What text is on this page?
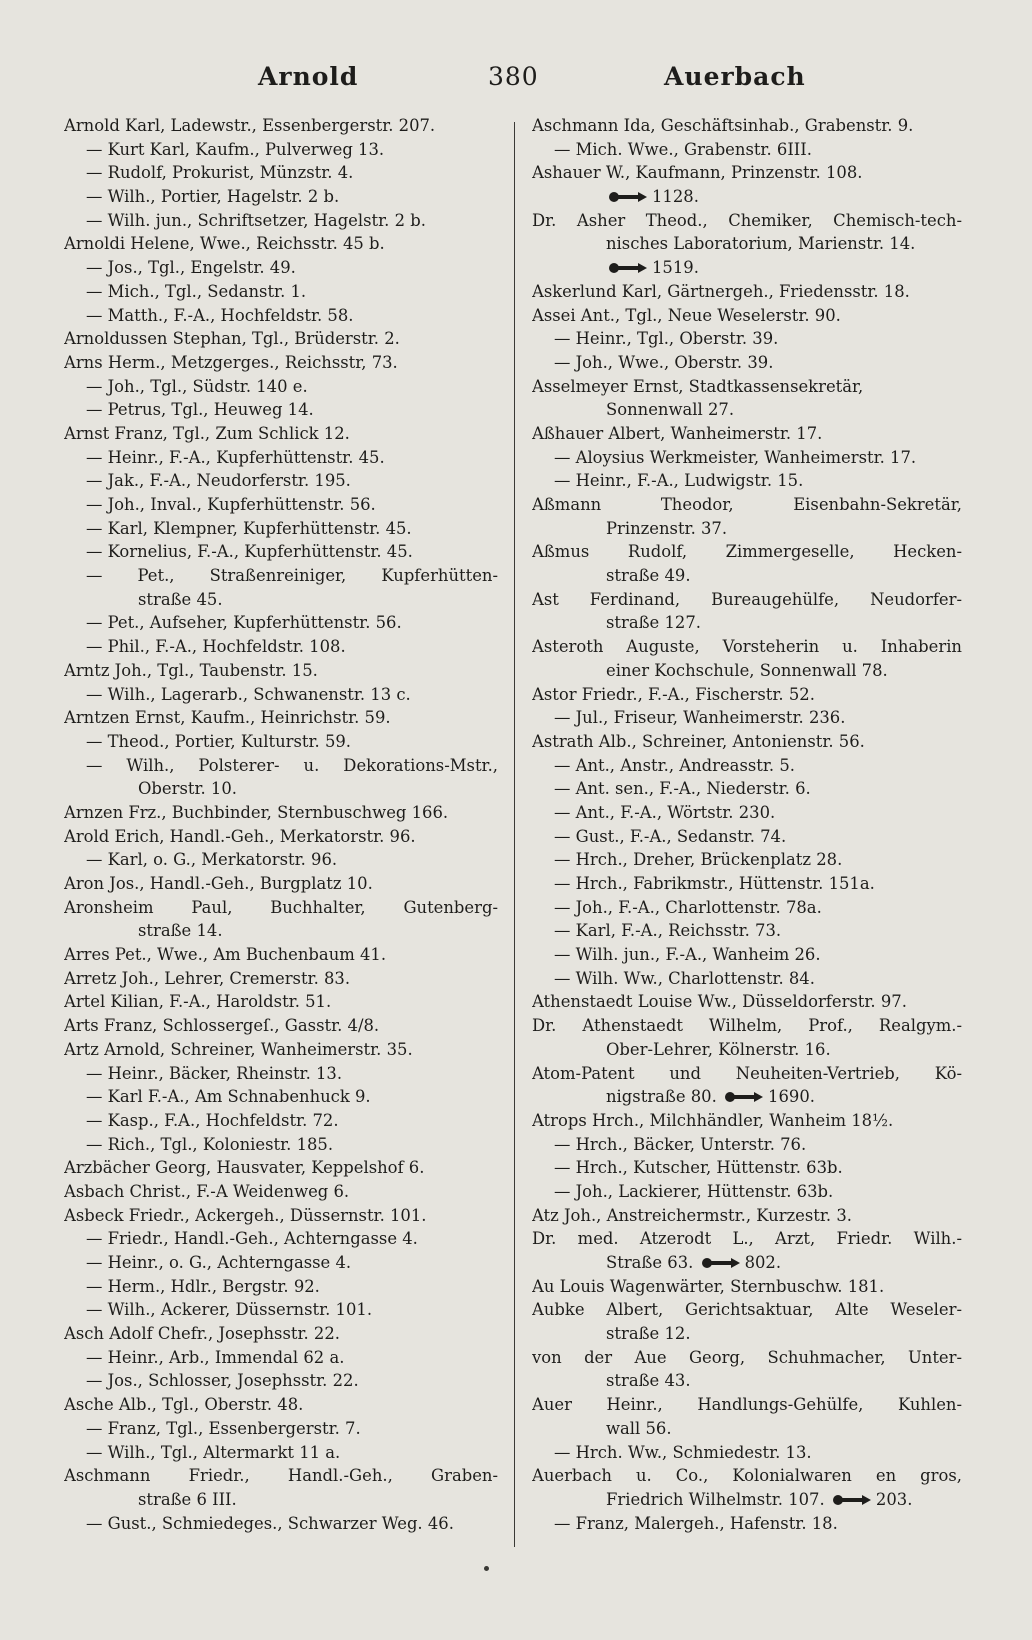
Arnold	380	Auerbach
Arnold Karl, Ladewstr., Essenbergerstr. 207.
— Kurt Karl, Kaufm., Pulverweg 13.
— Rudolf, Prokurist, Münzstr. 4.
— Wilh., Portier, Hagelstr. 2 b.
— Wilh. jun., Schriftsetzer, Hagelstr. 2 b.
Arnoldi Helene, Wwe., Reichsstr. 45 b.
— Jos., Tgl., Engelstr. 49.
— Mich., Tgl., Sedanstr. 1.
— Matth., F.-A., Hochfeldstr. 58.
Arnoldussen Stephan, Tgl., Brüderstr. 2.
Arns Herm., Metzgerges., Reichsstr, 73.
— Joh., Tgl., Südstr. 140 e.
— Petrus, Tgl., Heuweg 14.
Arnst Franz, Tgl., Zum Schlick 12.
— Heinr., F.-A., Kupferhüttenstr. 45.
— Jak., F.-A., Neudorferstr. 195.
— Joh., Inval., Kupferhüttenstr. 56.
— Karl, Klempner, Kupferhüttenstr. 45.
— Kornelius, F.-A., Kupferhüttenstr. 45.
— Pet., Straßenreiniger, Kupferhütten-
straße 45.
— Pet., Aufseher, Kupferhüttenstr. 56.
— Phil., F.-A., Hochfeldstr. 108.
Arntz Joh., Tgl., Taubenstr. 15.
— Wilh., Lagerarb., Schwanenstr. 13 c.
Arntzen Ernst, Kaufm., Heinrichstr. 59.
— Theod., Portier, Kulturstr. 59.
— Wilh., Polsterer- u. Dekorations-Mstr.,
Oberstr. 10.
Arnzen Frz., Buchbinder, Sternbuschweg 166.
Arold Erich, Handl.-Geh., Merkatorstr. 96.
— Karl, o. G., Merkatorstr. 96.
Aron Jos., Handl.-Geh., Burgplatz 10.
Aronsheim Paul, Buchhalter, Gutenberg-
straße 14.
Arres Pet., Wwe., Am Buchenbaum 41.
Arretz Joh., Lehrer, Cremerstr. 83.
Artel Kilian, F.-A., Haroldstr. 51.
Arts Franz, Schlossergeſ., Gasstr. 4/8.
Artz Arnold, Schreiner, Wanheimerstr. 35.
— Heinr., Bäcker, Rheinstr. 13.
— Karl F.-A., Am Schnabenhuck 9.
— Kasp., F.A., Hochfeldstr. 72.
— Rich., Tgl., Koloniestr. 185.
Arzbächer Georg, Hausvater, Keppelshof 6.
Asbach Christ., F.-A Weidenweg 6.
Asbeck Friedr., Ackergeh., Düssernstr. 101.
— Friedr., Handl.-Geh., Achterngasse 4.
— Heinr., o. G., Achterngasse 4.
— Herm., Hdlr., Bergstr. 92.
— Wilh., Ackerer, Düssernstr. 101.
Asch Adolf Chefr., Josephsstr. 22.
— Heinr., Arb., Immendal 62 a.
— Jos., Schlosser, Josephsstr. 22.
Asche Alb., Tgl., Oberstr. 48.
— Franz, Tgl., Essenbergerstr. 7.
— Wilh., Tgl., Altermarkt 11 a.
Aschmann Friedr., Handl.-Geh., Graben-
straße 6 III.
— Gust., Schmiedeges., Schwarzer Weg. 46.
Aschmann Ida, Geschäftsinhab., Grabenstr. 9.
— Mich. Wwe., Grabenstr. 6III.
Ashauer W., Kaufmann, Prinzenstr. 108.
1128.
Dr. Asher Theod., Chemiker, Chemisch-tech-
nisches Laboratorium, Marienstr. 14.
1519.
Askerlund Karl, Gärtnergeh., Friedensstr. 18.
Assei Ant., Tgl., Neue Weselerstr. 90.
— Heinr., Tgl., Oberstr. 39.
— Joh., Wwe., Oberstr. 39.
Asselmeyer Ernst, Stadtkassensekretär,
Sonnenwall 27.
Aßhauer Albert, Wanheimerstr. 17.
— Aloysius Werkmeister, Wanheimerstr. 17.
— Heinr., F.-A., Ludwigstr. 15.
Aßmann Theodor, Eisenbahn-Sekretär,
Prinzenstr. 37.
Aßmus Rudolf, Zimmergeselle, Hecken-
straße 49.
Ast Ferdinand, Bureaugehülfe, Neudorfer-
straße 127.
Asteroth Auguste, Vorsteherin u. Inhaberin
einer Kochschule, Sonnenwall 78.
Astor Friedr., F.-A., Fischerstr. 52.
— Jul., Friseur, Wanheimerstr. 236.
Astrath Alb., Schreiner, Antonienstr. 56.
— Ant., Anstr., Andreasstr. 5.
— Ant. sen., F.-A., Niederstr. 6.
— Ant., F.-A., Wörtstr. 230.
— Gust., F.-A., Sedanstr. 74.
— Hrch., Dreher, Brückenplatz 28.
— Hrch., Fabrikmstr., Hüttenstr. 151a.
— Joh., F.-A., Charlottenstr. 78a.
— Karl, F.-A., Reichsstr. 73.
— Wilh. jun., F.-A., Wanheim 26.
— Wilh. Ww., Charlottenstr. 84.
Athenstaedt Louise Ww., Düsseldorferstr. 97.
Dr. Athenstaedt Wilhelm, Prof., Realgym.-
Ober-Lehrer, Kölnerstr. 16.
Atom-Patent und Neuheiten-Vertrieb, Kö-
nigstraße 80.	1690.
Atrops Hrch., Milchhändler, Wanheim 18½.
— Hrch., Bäcker, Unterstr. 76.
— Hrch., Kutscher, Hüttenstr. 63b.
— Joh., Lackierer, Hüttenstr. 63b.
Atz Joh., Anstreichermstr., Kurzestr. 3.
Dr. med. Atzerodt L., Arzt, Friedr. Wilh.-
Straße 63.	802.
Au Louis Wagenwärter, Sternbuschw. 181.
Aubke Albert, Gerichtsaktuar, Alte Weseler-
straße 12.
von der Aue Georg, Schuhmacher, Unter-
straße 43.
Auer Heinr., Handlungs-Gehülfe, Kuhlen-
wall 56.
— Hrch. Ww., Schmiedestr. 13.
Auerbach u. Co., Kolonialwaren en gros,
Friedrich Wilhelmstr. 107.	203.
— Franz, Malergeh., Hafenstr. 18.
